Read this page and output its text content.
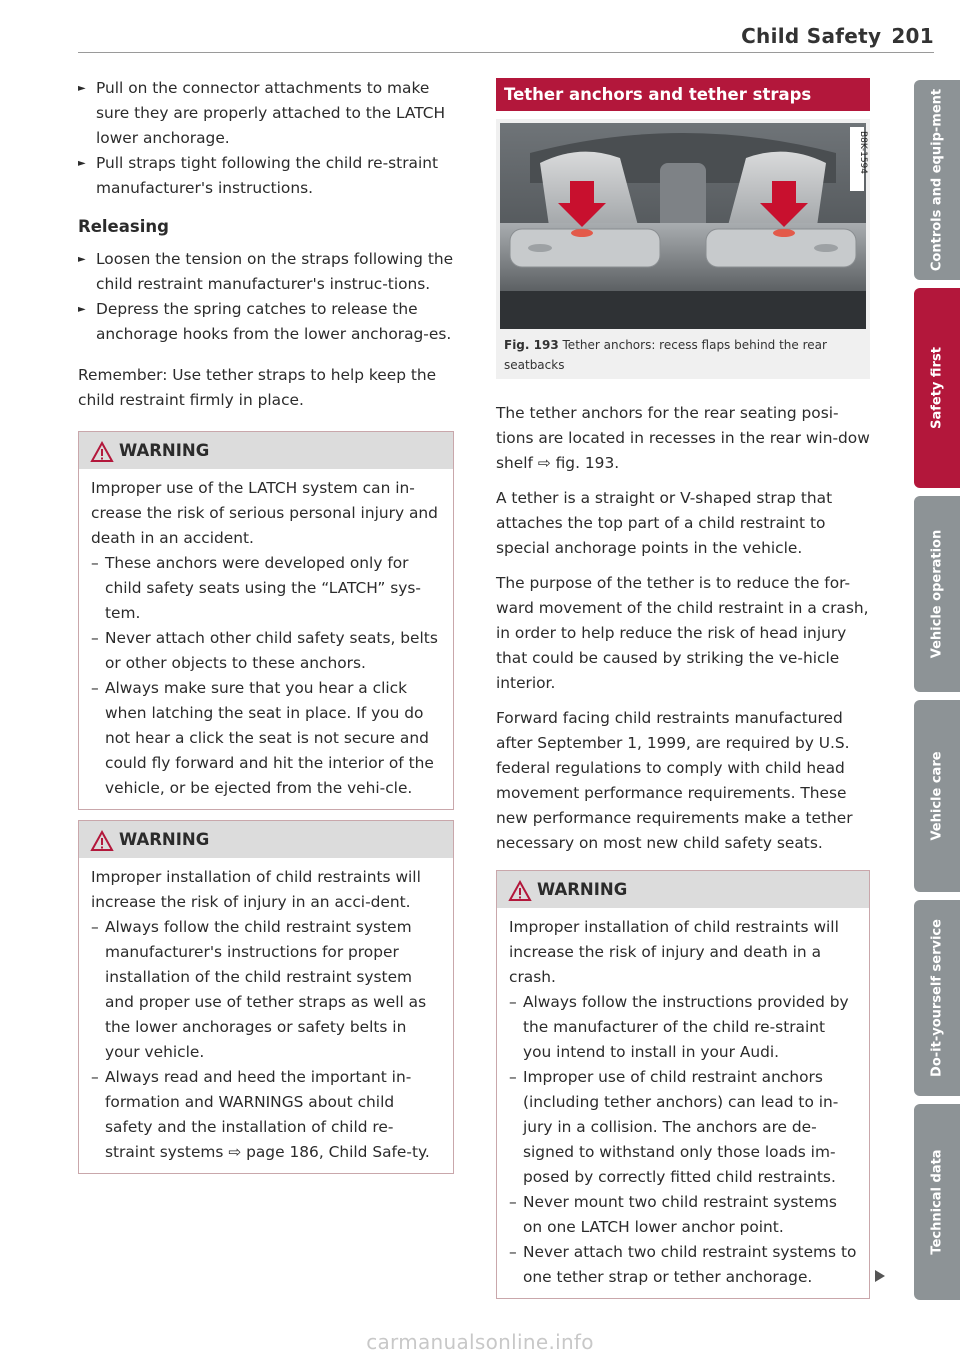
Child Safety 201

► Pull on the connector attachments to make sure they are properly attached to the LATCH lower anchorage.

► Pull straps tight following the child re-straint manufacturer's instructions.

Releasing

► Loosen the tension on the straps following the child restraint manufacturer's instruc-tions.

► Depress the spring catches to release the anchorage hooks from the lower anchorag-es.

Remember: Use tether straps to help keep the child restraint firmly in place.

WARNING

Improper use of the LATCH system can in-crease the risk of serious personal injury and death in an accident.

– These anchors were developed only for child safety seats using the “LATCH” sys-tem.

– Never attach other child safety seats, belts or other objects to these anchors.

– Always make sure that you hear a click when latching the seat in place. If you do not hear a click the seat is not secure and could fly forward and hit the interior of the vehicle, or be ejected from the vehi-cle.

WARNING

Improper installation of child restraints will increase the risk of injury in an acci-dent.

– Always follow the child restraint system manufacturer's instructions for proper installation of the child restraint system and proper use of tether straps as well as the lower anchorages or safety belts in your vehicle.

– Always read and heed the important in-formation and WARNINGS about child safety and the installation of child re-straint systems ⇨ page 186, Child Safe-ty.

Tether anchors and tether straps
B8K-1594
Fig. 193 Tether anchors: recess flaps behind the rear seatbacks

The tether anchors for the rear seating posi-tions are located in recesses in the rear win-dow shelf ⇨ fig. 193.

A tether is a straight or V-shaped strap that attaches the top part of a child restraint to special anchorage points in the vehicle.

The purpose of the tether is to reduce the for-ward movement of the child restraint in a crash, in order to help reduce the risk of head injury that could be caused by striking the ve-hicle interior.

Forward facing child restraints manufactured after September 1, 1999, are required by U.S. federal regulations to comply with child head movement performance requirements. These new performance requirements make a tether necessary on most new child safety seats.

WARNING

Improper installation of child restraints will increase the risk of injury and death in a crash.

– Always follow the instructions provided by the manufacturer of the child re-straint you intend to install in your Audi.

– Improper use of child restraint anchors (including tether anchors) can lead to in-jury in a collision. The anchors are de-signed to withstand only those loads im-posed by correctly fitted child restraints.

– Never mount two child restraint systems on one LATCH lower anchor point.

– Never attach two child restraint systems to one tether strap or tether anchorage.

Controls and equip-ment
Safety first
Vehicle operation
Vehicle care
Do-it-yourself service
Technical data
carmanualsonline.info
